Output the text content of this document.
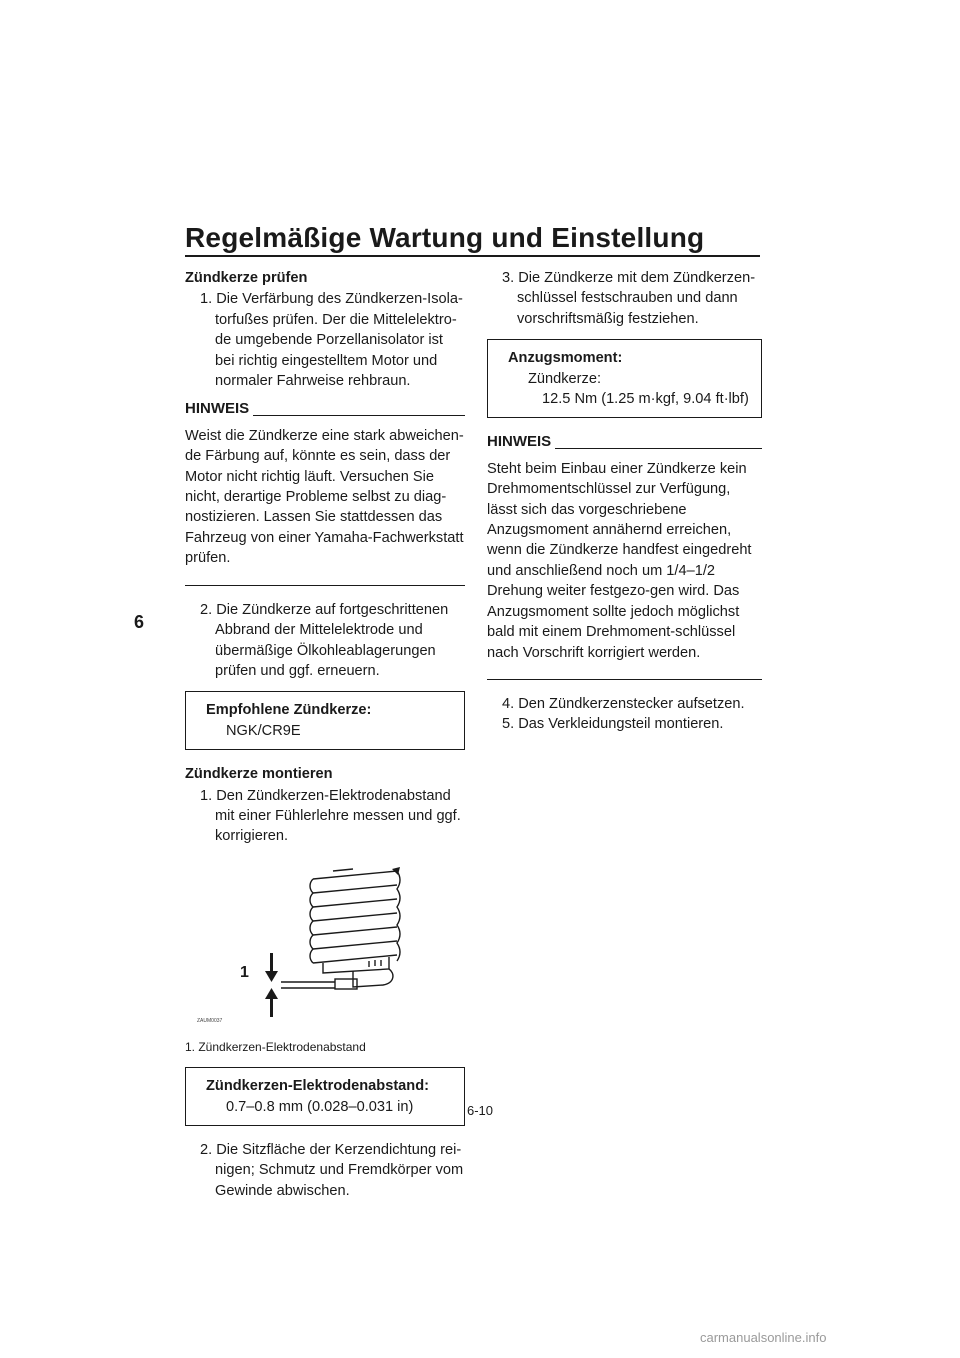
Regelmäßige Wartung und Einstellung
6

Zündkerze prüfen

1. Die Verfärbung des Zündkerzen-Isola-torfußes prüfen. Der die Mittelelektro-de umgebende Porzellanisolator ist bei richtig eingestelltem Motor und normaler Fahrweise rehbraun.

HINWEIS

Weist die Zündkerze eine stark abweichen-de Färbung auf, könnte es sein, dass der Motor nicht richtig läuft. Versuchen Sie nicht, derartige Probleme selbst zu diag-nostizieren. Lassen Sie stattdessen das Fahrzeug von einer Yamaha-Fachwerkstatt prüfen.

2. Die Zündkerze auf fortgeschrittenen Abbrand der Mittelelektrode und übermäßige Ölkohleablagerungen prüfen und ggf. erneuern.

Empfohlene Zündkerze:
NGK/CR9E

Zündkerze montieren

1. Den Zündkerzen-Elektrodenabstand mit einer Fühlerlehre messen und ggf. korrigieren.

1
ZAUM0037

1. Zündkerzen-Elektrodenabstand

Zündkerzen-Elektrodenabstand:
0.7–0.8 mm (0.028–0.031 in)

2. Die Sitzfläche der Kerzendichtung rei-nigen; Schmutz und Fremdkörper vom Gewinde abwischen.

3. Die Zündkerze mit dem Zündkerzen-schlüssel festschrauben und dann vorschriftsmäßig festziehen.

Anzugsmoment:
Zündkerze:
12.5 Nm (1.25 m·kgf, 9.04 ft·lbf)
HINWEIS

Steht beim Einbau einer Zündkerze kein Drehmomentschlüssel zur Verfügung, lässt sich das vorgeschriebene Anzugsmoment annähernd erreichen, wenn die Zündkerze handfest eingedreht und anschließend noch um 1/4–1/2 Drehung weiter festgezo-gen wird. Das Anzugsmoment sollte jedoch möglichst bald mit einem Drehmoment-schlüssel nach Vorschrift korrigiert werden.

4. Den Zündkerzenstecker aufsetzen.

5. Das Verkleidungsteil montieren.

6-10
carmanualsonline.info
